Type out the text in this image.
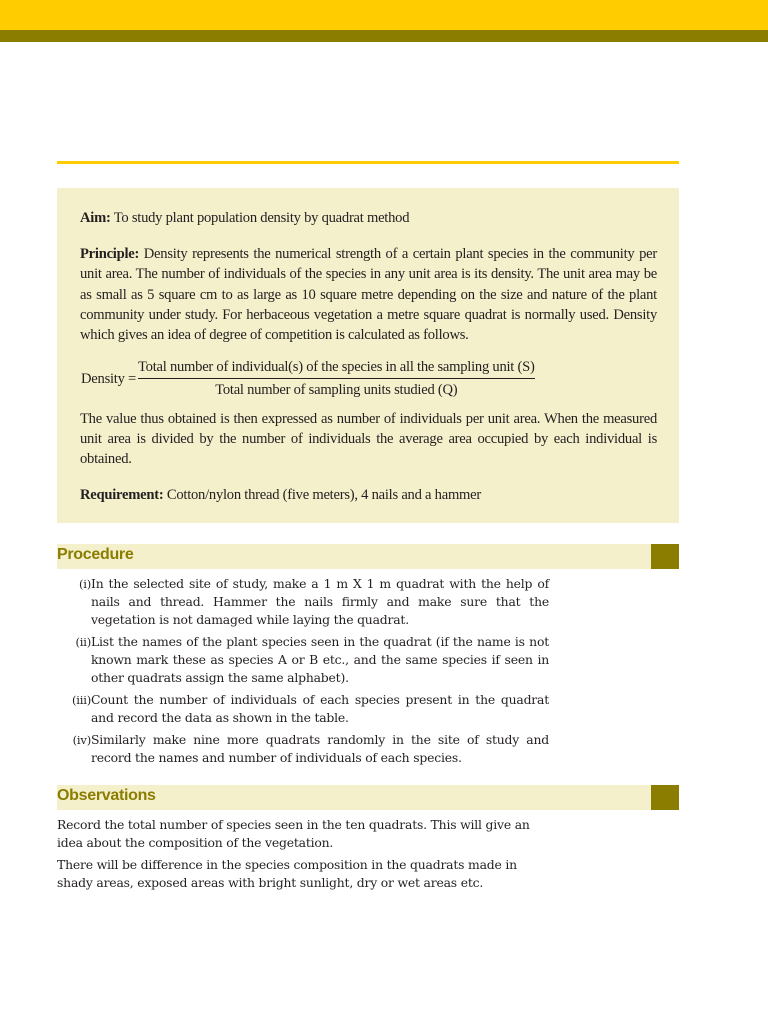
Aim: To study plant population density by quadrat method

Principle: Density represents the numerical strength of a certain plant species in the community per unit area. The number of individuals of the species in any unit area is its density. The unit area may be as small as 5 square cm to as large as 10 square metre depending on the size and nature of the plant community under study. For herbaceous vegetation a metre square quadrat is normally used. Density which gives an idea of degree of competition is calculated as follows.

Density =
Total number of individual(s) of the species in all the sampling unit (S)
Total number of sampling units studied (Q)

The value thus obtained is then expressed as number of individuals per unit area. When the measured unit area is divided by the number of individuals the average area occupied by each individual is obtained.

Requirement: Cotton/nylon thread (five meters), 4 nails and a hammer

Procedure
(i) In the selected site of study, make a 1 m X 1 m quadrat with the help of nails and thread. Hammer the nails firmly and make sure that the vegetation is not damaged while laying the quadrat.
(ii) List the names of the plant species seen in the quadrat (if the name is not known mark these as species A or B etc., and the same species if seen in other quadrats assign the same alphabet).
(iii) Count the number of individuals of each species present in the quadrat and record the data as shown in the table.
(iv) Similarly make nine more quadrats randomly in the site of study and record the names and number of individuals of each species.
Observations

Record the total number of species seen in the ten quadrats. This will give an idea about the composition of the vegetation.

There will be difference in the species composition in the quadrats made in shady areas, exposed areas with bright sunlight, dry or wet areas etc.
